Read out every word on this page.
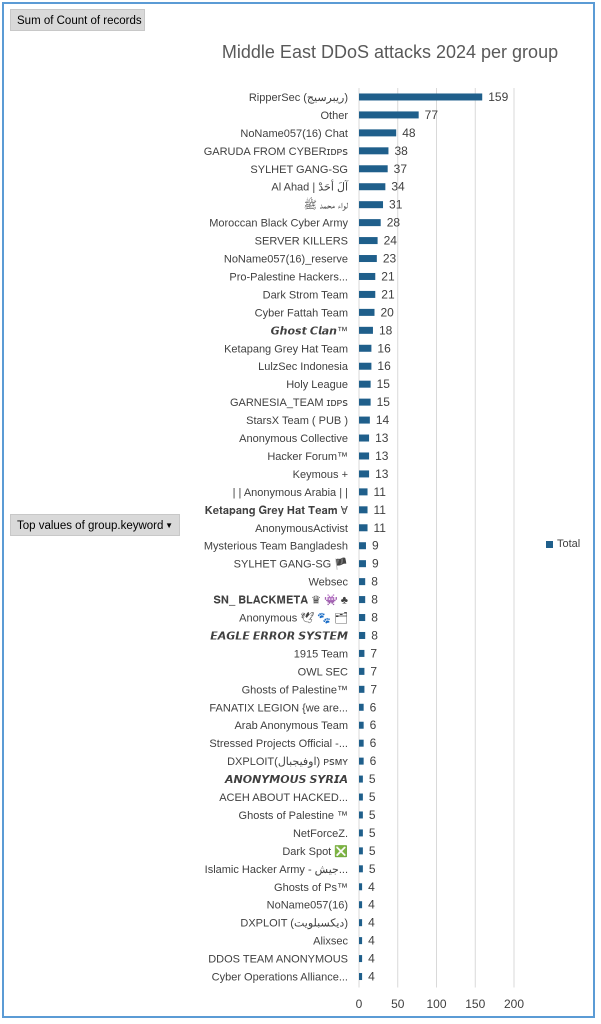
Sum of Count of records
Top values of group.keyword ▼
Middle East DDoS attacks 2024 per group
Total
0 50 100 150 200
RipperSec (ريبرسيج)	159
Other	77
NoName057(16) Chat	48
GARUDA FROM CYBERɪᴅᴘꜱ	38
SYLHET GANG-SG	37
Al Ahad | آلَ أحَدْ	34
لواء محمد ﷺ	31
Moroccan Black Cyber Army	28
SERVER KILLERS	24
NoName057(16)_reserve	23
Pro-Palestine Hackers...	21
Dark Strom Team	21
Cyber Fattah Team	20
𝙂𝙝𝙤𝙨𝙩 𝘾𝙡𝙖𝙣™	18
Ketapang Grey Hat Team 16
LulzSec Indonesia 16
Holy League 15
GARNESIA_TEAM ɪᴅᴘꜱ 15
StarsX Team ( PUB ) 14
Anonymous Collective 13
Hacker Forum™ 13
Keymous + 13
| | Anonymous Arabia | | 11
𝐊𝐞𝐭𝐚𝐩𝐚𝐧𝐠 𝐆𝐫𝐞𝐲 𝐇𝐚𝐭 𝐓𝐞𝐚𝐦 ∀ 11
AnonymousActivist 11
Mysterious Team Bangladesh 9
SYLHET GANG-SG 🏴 9
Websec 8
𝐒𝐍_ 𝐁𝐋𝐀𝐂𝐊𝐌𝐄𝐓𝐀 ♛ 👾 ♣ 8
Anonymous 🕊 🐾 🗂 8
𝙀𝘼𝙂𝙇𝙀 𝙀𝙍𝙍𝙊𝙍 𝙎𝙔𝙎𝙏𝙀𝙈 8
1915 Team 7
OWL SEC 7
Ghosts of Palestine™ 7
FANATIX LEGION {we are... 6
Arab Anonymous Team 6
Stressed Projects Official -... 6
DXPLOIT(اوفيجبال) ᴘꜱᴍʏ 6
𝘼𝙉𝙊𝙉𝙔𝙈𝙊𝙐𝙎 𝙎𝙔𝙍𝙄𝘼 5
ACEH ABOUT HACKED... 5
Ghosts of Palestine ™ 5
NetForceZ. 5
Dark Spot ❎ 5
Islamic Hacker Army - جيش... 5
Ghosts of Ps™ 4
NoName057(16) 4
DXPLOIT (ديكسبلويت) 4
Alixsec 4
DDOS TEAM ANONYMOUS 4
Cyber Operations Alliance... 4
